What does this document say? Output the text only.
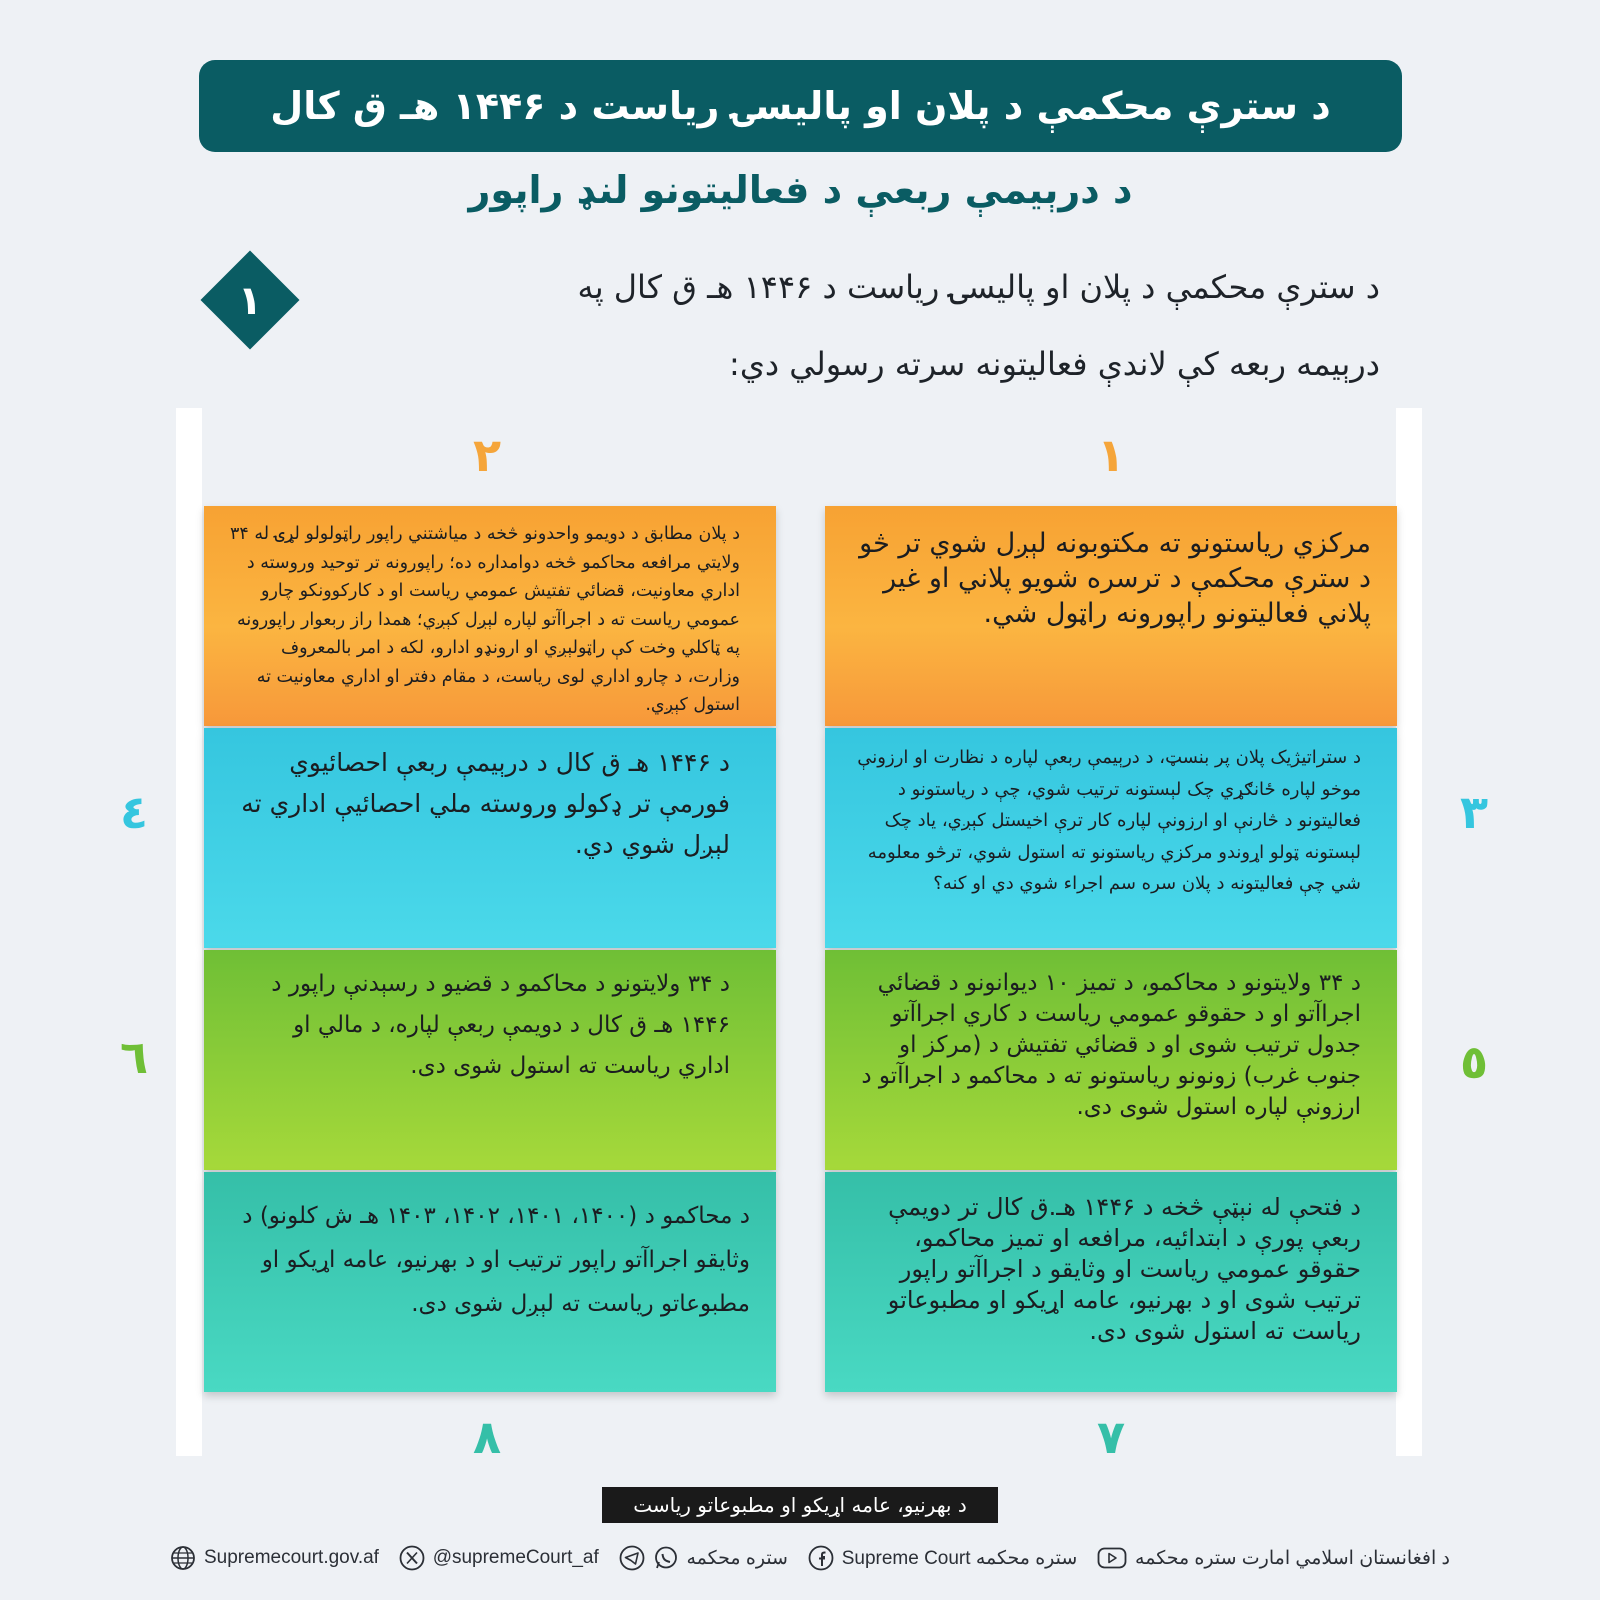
د سترې محکمې د پلان او پالیسۍ ریاست د ۱۴۴۶ هـ ق کال
د درېیمې ربعې د فعالیتونو لنډ راپور
١	د سترې محکمې د پلان او پالیسۍ ریاست د ۱۴۴۶ هـ ق کال په
درېیمه ربعه کې لاندې فعالیتونه سرته رسولي دي:
١
٢
٧
٨
٣
٤
٥
٦
مرکزي ریاستونو ته مکتوبونه لېږل شوي تر څو د سترې محکمې د ترسره شویو پلاني او غیر پلاني فعالیتونو راپورونه راټول شي.
د پلان مطابق د دویمو واحدونو څخه د میاشتني راپور راټولولو لړۍ له ۳۴ ولایتي مرافعه محاکمو څخه دوامداره ده؛ راپورونه تر توحید وروسته د اداري معاونیت، قضائي تفتیش عمومي ریاست او د کارکوونکو چارو عمومي ریاست ته د اجراآتو لپاره لېږل کېږي؛ همدا راز ربعوار راپورونه په ټاکلي وخت کې راټولېږي او ارونډو ادارو، لکه د امر بالمعروف وزارت، د چارو اداري لوی ریاست، د مقام دفتر او اداري معاونیت ته استول کېږي.
د ستراتیژیک پلان پر بنسټ، د درېیمې ربعې لپاره د نظارت او ارزونې موخو لپاره ځانګړي چک لېستونه ترتیب شوي، چې د ریاستونو د فعالیتونو د څارنې او ارزونې لپاره کار ترې اخیستل کېږي، یاد چک لېستونه ټولو اړوندو مرکزي ریاستونو ته استول شوي، ترڅو معلومه شي چې فعالیتونه د پلان سره سم اجراء شوي دي او کنه؟
د ۱۴۴۶ هـ ق کال د درېیمې ربعې احصائیوي فورمې تر ډکولو وروسته ملي احصائیې اداري ته لېږل شوي دي.
د ۳۴ ولایتونو د محاکمو، د تمیز ۱۰ دیوانونو د قضائي اجراآتو او د حقوقو عمومي ریاست د کاري اجراآتو جدول ترتیب شوی او د قضائي تفتیش د (مرکز او جنوب غرب) زونونو ریاستونو ته د محاکمو د اجراآتو د ارزونې لپاره استول شوی دی.
د ۳۴ ولایتونو د محاکمو د قضیو د رسېدنې راپور د ۱۴۴۶ هـ ق کال د دویمې ربعې لپاره، د مالي او اداري ریاست ته استول شوی دی.
د فتحې له نېټې څخه د ۱۴۴۶ هـ.ق کال تر دویمې ربعې پورې د ابتدائیه، مرافعه او تمیز محاکمو، حقوقو عمومي ریاست او وثایقو د اجراآتو راپور ترتیب شوی او د بهرنیو، عامه اړیکو او مطبوعاتو ریاست ته استول شوی دی.
د محاکمو د (۱۴۰۰، ۱۴۰۱، ۱۴۰۲، ۱۴۰۳ هـ ش کلونو) د وثایقو اجراآتو راپور ترتیب او د بهرنیو، عامه اړیکو او مطبوعاتو ریاست ته لېږل شوی دی.
د بهرنیو، عامه اړیکو او مطبوعاتو ریاست
Supremecourt.gov.af	@supremeCourt_af	ستره محکمه	Supreme Court ستره محکمه	د افغانستان اسلامي امارت ستره محکمه
